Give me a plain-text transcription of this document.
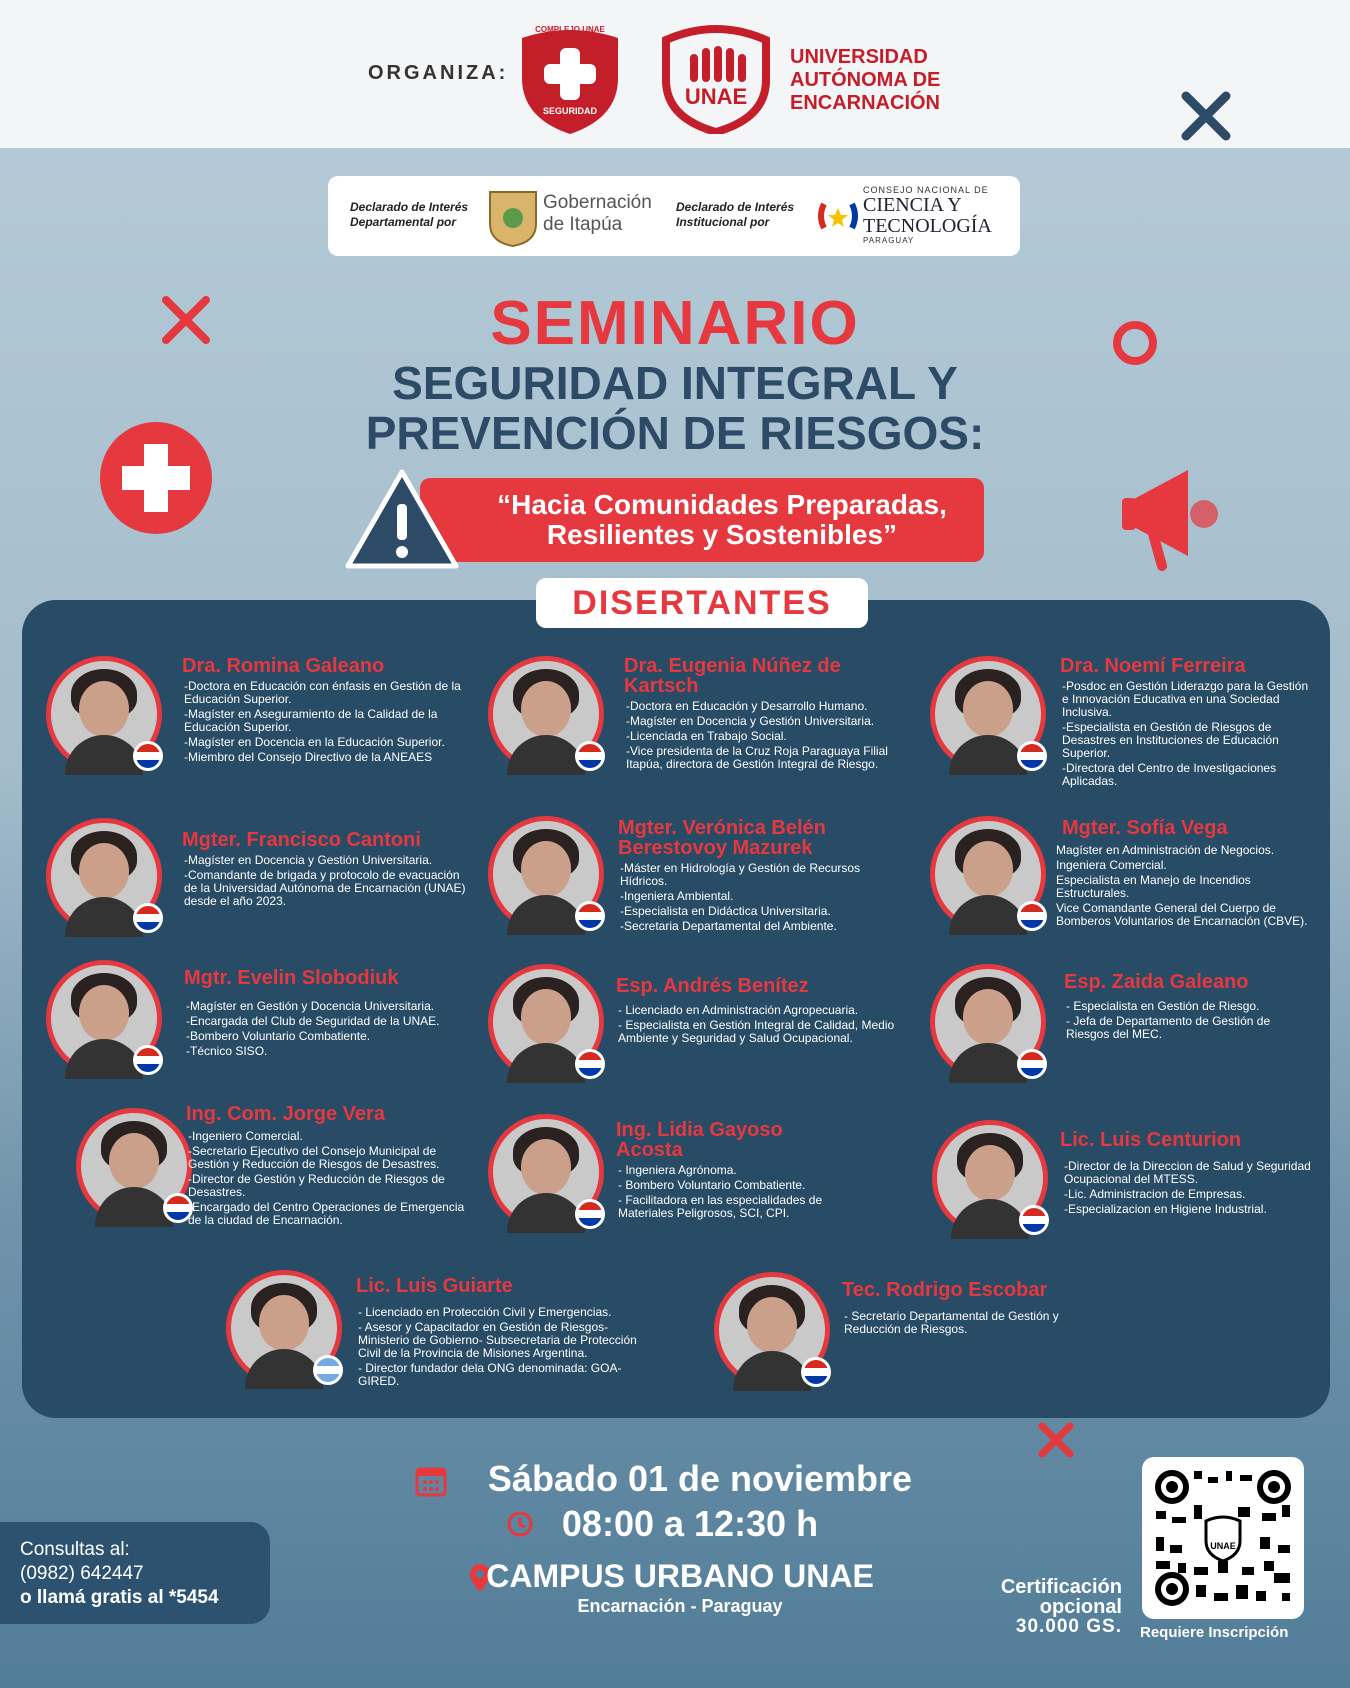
ORGANIZA:
COMPLEJO UNAE
SEGURIDAD
UNAE
UNIVERSIDAD
AUTÓNOMA DE
ENCARNACIÓN
Declarado de Interés
Departamental por
Gobernación
de Itapúa
Declarado de Interés
Institucional por
CONSEJO NACIONAL DE
CIENCIA Y
TECNOLOGÍA
PARAGUAY
SEMINARIO
SEGURIDAD INTEGRAL Y
PREVENCIÓN DE RIESGOS:
“Hacia Comunidades Preparadas,
Resilientes y Sostenibles”
DISERTANTES
Dra. Romina Galeano
-Doctora en Educación con énfasis en Gestión de la Educación Superior.
-Magíster en Aseguramiento de la Calidad de la Educación Superior.
-Magíster en Docencia en la Educación Superior.
-Miembro del Consejo Directivo de la ANEAES
Dra. Eugenia Núñez de Kartsch
-Doctora en Educación y Desarrollo Humano.
-Magíster en Docencia y Gestión Universitaria.
-Licenciada en Trabajo Social.
-Vice presidenta de la Cruz Roja Paraguaya Filial Itapúa, directora de Gestión Integral de Riesgo.
Dra. Noemí Ferreira
-Posdoc en Gestión Liderazgo para la Gestión e Innovación Educativa en una Sociedad Inclusiva.
-Especialista en Gestión de Riesgos de Desastres en Instituciones de Educación Superior.
-Directora del Centro de Investigaciones Aplicadas.
Mgter. Francisco Cantoni
-Magíster en Docencia y Gestión Universitaria.
-Comandante de brigada y protocolo de evacuación de la Universidad Autónoma de Encarnación (UNAE) desde el año 2023.
Mgter. Verónica Belén Berestovoy Mazurek
-Máster en Hidrología y Gestión de Recursos Hídricos.
-Ingeniera Ambiental.
-Especialista en Didáctica Universitaria.
-Secretaria Departamental del Ambiente.
Mgter. Sofía Vega
Magíster en Administración de Negocios.
Ingeniera Comercial.
Especialista en Manejo de Incendios Estructurales.
Vice Comandante General del Cuerpo de Bomberos Voluntarios de Encarnación (CBVE).
Mgtr. Evelin Slobodiuk
-Magíster en Gestión y Docencia Universitaria.
-Encargada del Club de Seguridad de la UNAE.
-Bombero Voluntario Combatiente.
-Técnico SISO.
Esp. Andrés Benítez
- Licenciado en Administración Agropecuaria.
- Especialista en Gestión Integral de Calidad, Medio Ambiente y Seguridad y Salud Ocupacional.
Esp. Zaida Galeano
- Especialista en Gestión de Riesgo.
- Jefa de Departamento de Gestión de Riesgos del MEC.
Ing. Com. Jorge Vera
-Ingeniero Comercial.
-Secretario Ejecutivo del Consejo Municipal de Gestión y Reducción de Riesgos de Desastres.
-Director de Gestión y Reducción de Riesgos de Desastres.
-Encargado del Centro Operaciones de Emergencia de la ciudad de Encarnación.
Ing. Lidia Gayoso Acosta
- Ingeniera Agrónoma.
- Bombero Voluntario Combatiente.
- Facilitadora en las especialidades de Materiales Peligrosos, SCI, CPI.
Lic. Luis Centurion
-Director de la Direccion de Salud y Seguridad Ocupacional del MTESS.
-Lic. Administracion de Empresas.
-Especializacion en Higiene Industrial.
Lic. Luis Guiarte
- Licenciado en Protección Civil y Emergencias.
- Asesor y Capacitador en Gestión de Riesgos- Ministerio de Gobierno- Subsecretaria de Protección Civil de la Provincia de Misiones Argentina.
- Director fundador dela ONG denominada: GOA- GIRED.
Tec. Rodrigo Escobar
- Secretario Departamental de Gestión y Reducción de Riesgos.
Sábado 01 de noviembre
08:00 a 12:30 h
CAMPUS URBANO UNAE
Encarnación - Paraguay
Consultas al:
(0982) 642447
o llamá gratis al *5454	Certificación
opcional
30.000 GS.
UNAE
Requiere Inscripción
